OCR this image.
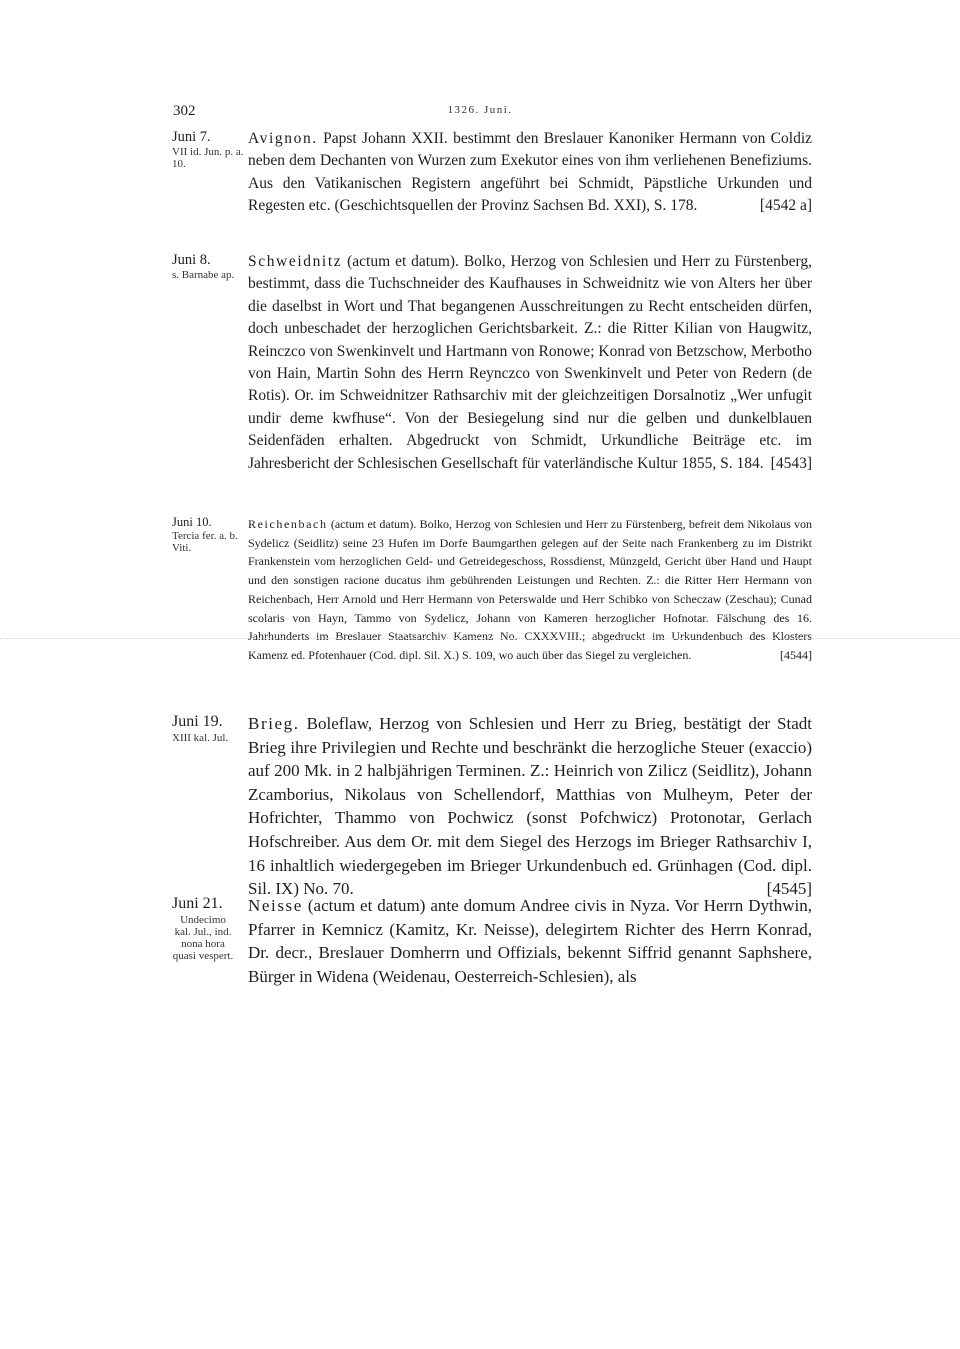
302	1326. Juni.
Juni 7.
VII id. Jun. p. a. 10.
Avignon. Papst Johann XXII. bestimmt den Breslauer Kanoniker Hermann von Coldiz neben dem Dechanten von Wurzen zum Exekutor eines von ihm verliehenen Benefiziums. Aus den Vatikanischen Registern angeführt bei Schmidt, Päpstliche Urkunden und Regesten etc. (Geschichtsquellen der Provinz Sachsen Bd. XXI), S. 178.	[4542 a]
Juni 8.
s. Barnabe ap.
Schweidnitz (actum et datum). Bolko, Herzog von Schlesien und Herr zu Fürstenberg, bestimmt, dass die Tuchschneider des Kaufhauses in Schweidnitz wie von Alters her über die daselbst in Wort und That begangenen Ausschreitungen zu Recht entscheiden dürfen, doch unbeschadet der herzoglichen Gerichtsbarkeit. Z.: die Ritter Kilian von Haugwitz, Reinczco von Swenkinvelt und Hartmann von Ronowe; Konrad von Betzschow, Merbotho von Hain, Martin Sohn des Herrn Reynczco von Swenkinvelt und Peter von Redern (de Rotis). Or. im Schweidnitzer Rathsarchiv mit der gleichzeitigen Dorsalnotiz „Wer unfugit undir deme kwfhuse“. Von der Besiegelung sind nur die gelben und dunkelblauen Seidenfäden erhalten. Abgedruckt von Schmidt, Urkundliche Beiträge etc. im Jahresbericht der Schlesischen Gesellschaft für vaterländische Kultur 1855, S. 184. [4543]
Juni 10.
Tercia fer. a. b. Viti.
Reichenbach (actum et datum). Bolko, Herzog von Schlesien und Herr zu Fürstenberg, befreit dem Nikolaus von Sydelicz (Seidlitz) seine 23 Hufen im Dorfe Baumgarthen gelegen auf der Seite nach Frankenberg zu im Distrikt Frankenstein vom herzoglichen Geld- und Getreidegeschoss, Rossdienst, Münzgeld, Gericht über Hand und Haupt und den sonstigen racione ducatus ihm gebührenden Leistungen und Rechten. Z.: die Ritter Herr Hermann von Reichenbach, Herr Arnold und Herr Hermann von Peterswalde und Herr Schibko von Scheczaw (Zeschau); Cunad scolaris von Hayn, Tammo von Sydelicz, Johann von Kameren herzoglicher Hofnotar. Fälschung des 16. Jahrhunderts im Breslauer Staatsarchiv Kamenz No. CXXXVIII.; abgedruckt im Urkundenbuch des Klosters Kamenz ed. Pfotenhauer (Cod. dipl. Sil. X.) S. 109, wo auch über das Siegel zu vergleichen.	[4544]
Juni 19.
XIII kal. Jul.
Brieg. Boleflaw, Herzog von Schlesien und Herr zu Brieg, bestätigt der Stadt Brieg ihre Privilegien und Rechte und beschränkt die herzogliche Steuer (exaccio) auf 200 Mk. in 2 halbjährigen Terminen. Z.: Heinrich von Zilicz (Seidlitz), Johann Zcamborius, Nikolaus von Schellendorf, Matthias von Mulheym, Peter der Hofrichter, Thammo von Pochwicz (sonst Pofchwicz) Protonotar, Gerlach Hofschreiber. Aus dem Or. mit dem Siegel des Herzogs im Brieger Rathsarchiv I, 16 inhaltlich wiedergegeben im Brieger Urkundenbuch ed. Grünhagen (Cod. dipl. Sil. IX) No. 70.	[4545]
Juni 21.
Undecimo kal. Jul., ind. nona hora quasi vespert.
Neisse (actum et datum) ante domum Andree civis in Nyza. Vor Herrn Dythwin, Pfarrer in Kemnicz (Kamitz, Kr. Neisse), delegirtem Richter des Herrn Konrad, Dr. decr., Breslauer Domherrn und Offizials, bekennt Siffrid genannt Saphshere, Bürger in Widena (Weidenau, Oesterreich-Schlesien), als
